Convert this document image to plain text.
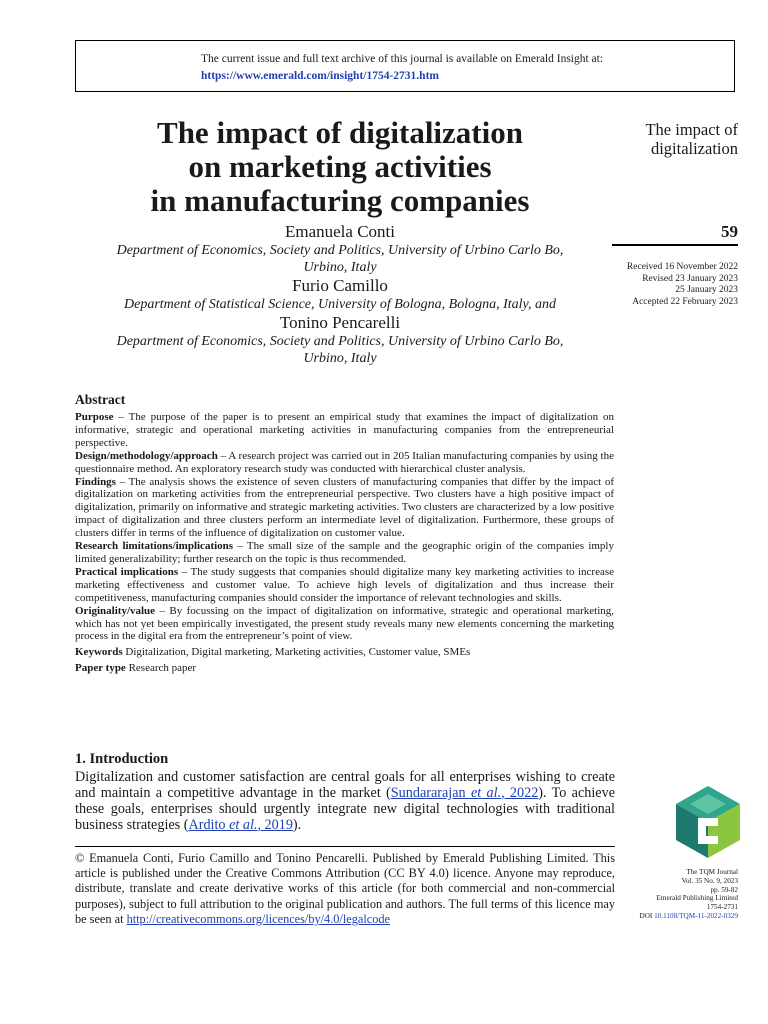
The current issue and full text archive of this journal is available on Emerald Insight at:
https://www.emerald.com/insight/1754-2731.htm
The impact of digitalization
on marketing activities
in manufacturing companies
The impact of
digitalization
59
Received 16 November 2022
Revised 23 January 2023
25 January 2023
Accepted 22 February 2023
Emanuela Conti
Department of Economics, Society and Politics, University of Urbino Carlo Bo,
Urbino, Italy
Furio Camillo
Department of Statistical Science, University of Bologna, Bologna, Italy, and
Tonino Pencarelli
Department of Economics, Society and Politics, University of Urbino Carlo Bo,
Urbino, Italy
Abstract

Purpose – The purpose of the paper is to present an empirical study that examines the impact of digitalization on informative, strategic and operational marketing activities in manufacturing companies from the entrepreneurial perspective.

Design/methodology/approach – A research project was carried out in 205 Italian manufacturing companies by using the questionnaire method. An exploratory research study was conducted with hierarchical cluster analysis.

Findings – The analysis shows the existence of seven clusters of manufacturing companies that differ by the impact of digitalization on marketing activities from the entrepreneurial perspective. Two clusters have a high positive impact of digitalization, primarily on informative and strategic marketing activities. Two clusters are characterized by a low positive impact of digitalization and three clusters perform an intermediate level of digitalization. Furthermore, these groups of clusters differ in terms of the influence of digitalization on customer value.

Research limitations/implications – The small size of the sample and the geographic origin of the companies imply limited generalizability; further research on the topic is thus recommended.

Practical implications – The study suggests that companies should digitalize many key marketing activities to increase marketing effectiveness and customer value. To achieve high levels of digitalization and thus increase their competitiveness, manufacturing companies should consider the importance of relevant technologies and skills.

Originality/value – By focussing on the impact of digitalization on informative, strategic and operational marketing, which has not yet been empirically investigated, the present study reveals many new elements concerning the marketing process in the digital era from the entrepreneur’s point of view.

Keywords Digitalization, Digital marketing, Marketing activities, Customer value, SMEs

Paper type Research paper

1. Introduction

Digitalization and customer satisfaction are central goals for all enterprises wishing to create and maintain a competitive advantage in the market (Sundararajan et al., 2022). To achieve these goals, enterprises should urgently integrate new digital technologies with traditional business strategies (Ardito et al., 2019).

© Emanuela Conti, Furio Camillo and Tonino Pencarelli. Published by Emerald Publishing Limited. This article is published under the Creative Commons Attribution (CC BY 4.0) licence. Anyone may reproduce, distribute, translate and create derivative works of this article (for both commercial and non-commercial purposes), subject to full attribution to the original publication and authors. The full terms of this licence may be seen at http://creativecommons.org/licences/by/4.0/legalcode
The TQM Journal
Vol. 35 No. 9, 2023
pp. 59-82
Emerald Publishing Limited
1754-2731
DOI 10.1108/TQM-11-2022-0329
